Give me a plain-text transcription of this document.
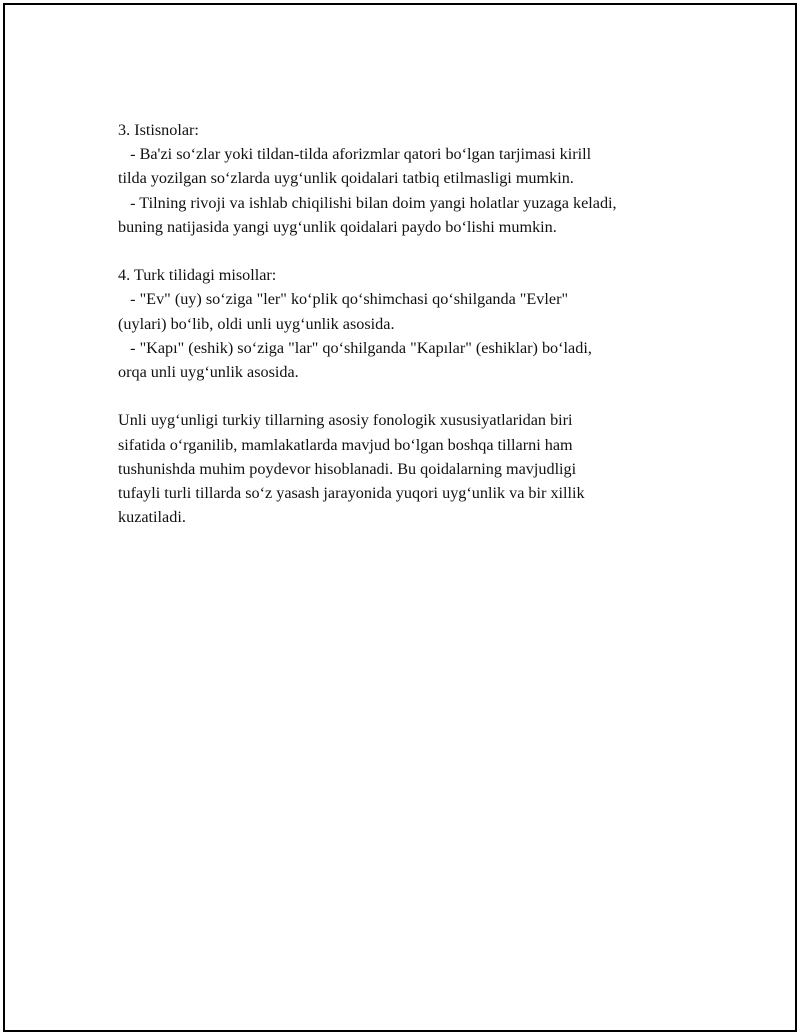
3. Istisnolar:
- Ba'zi so‘zlar yoki tildan-tilda aforizmlar qatori bo‘lgan tarjimasi kirill
tilda yozilgan so‘zlarda uyg‘unlik qoidalari tatbiq etilmasligi mumkin.
- Tilning rivoji va ishlab chiqilishi bilan doim yangi holatlar yuzaga keladi,
buning natijasida yangi uyg‘unlik qoidalari paydo bo‘lishi mumkin.
4. Turk tilidagi misollar:
- "Ev" (uy) so‘ziga "ler" ko‘plik qo‘shimchasi qo‘shilganda "Evler"
(uylari) bo‘lib, oldi unli uyg‘unlik asosida.
- "Kapı" (eshik) so‘ziga "lar" qo‘shilganda "Kapılar" (eshiklar) bo‘ladi,
orqa unli uyg‘unlik asosida.
Unli uyg‘unligi turkiy tillarning asosiy fonologik xususiyatlaridan biri
sifatida o‘rganilib, mamlakatlarda mavjud bo‘lgan boshqa tillarni ham
tushunishda muhim poydevor hisoblanadi. Bu qoidalarning mavjudligi
tufayli turli tillarda so‘z yasash jarayonida yuqori uyg‘unlik va bir xillik
kuzatiladi.
